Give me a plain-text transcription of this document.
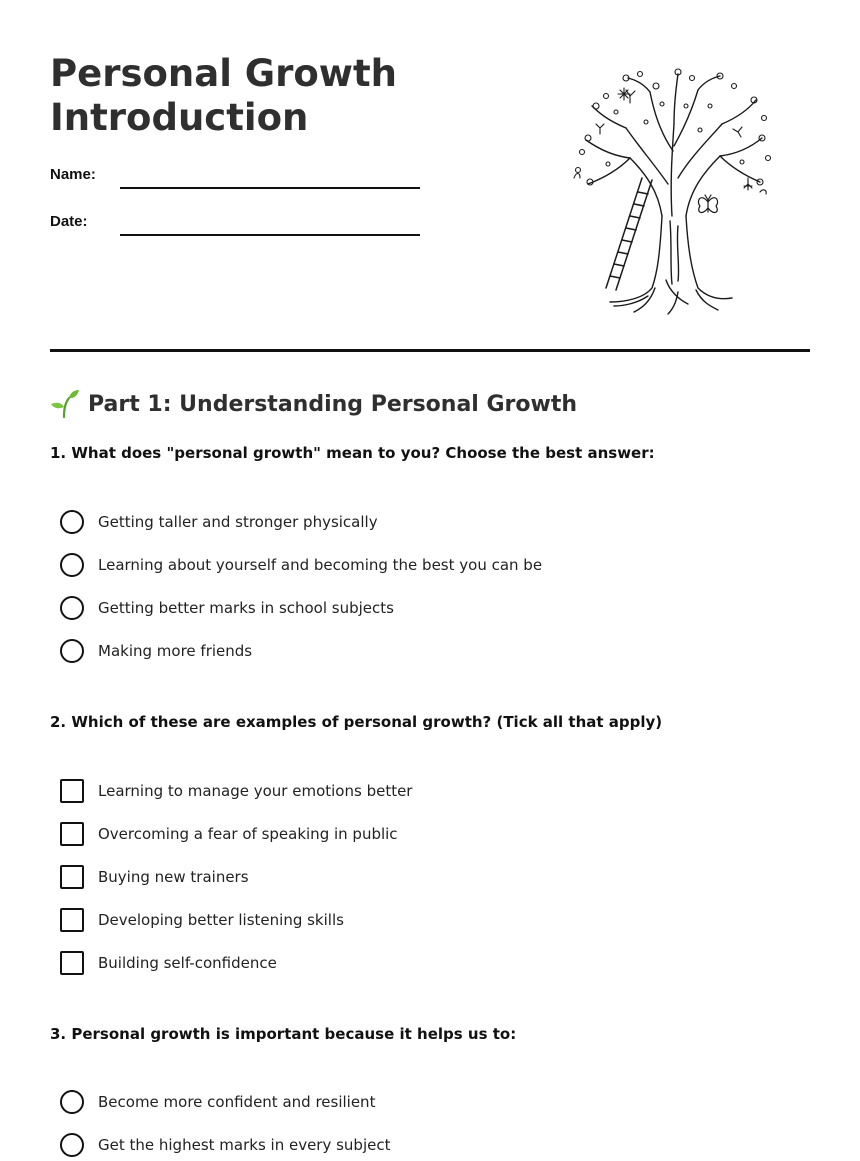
Personal Growth
Introduction
Name:
Date:
Part 1: Understanding Personal Growth
1. What does "personal growth" mean to you? Choose the best answer:
Getting taller and stronger physically
Learning about yourself and becoming the best you can be
Getting better marks in school subjects
Making more friends
2. Which of these are examples of personal growth? (Tick all that apply)
Learning to manage your emotions better
Overcoming a fear of speaking in public
Buying new trainers
Developing better listening skills
Building self-confidence
3. Personal growth is important because it helps us to:
Become more confident and resilient
Get the highest marks in every subject
